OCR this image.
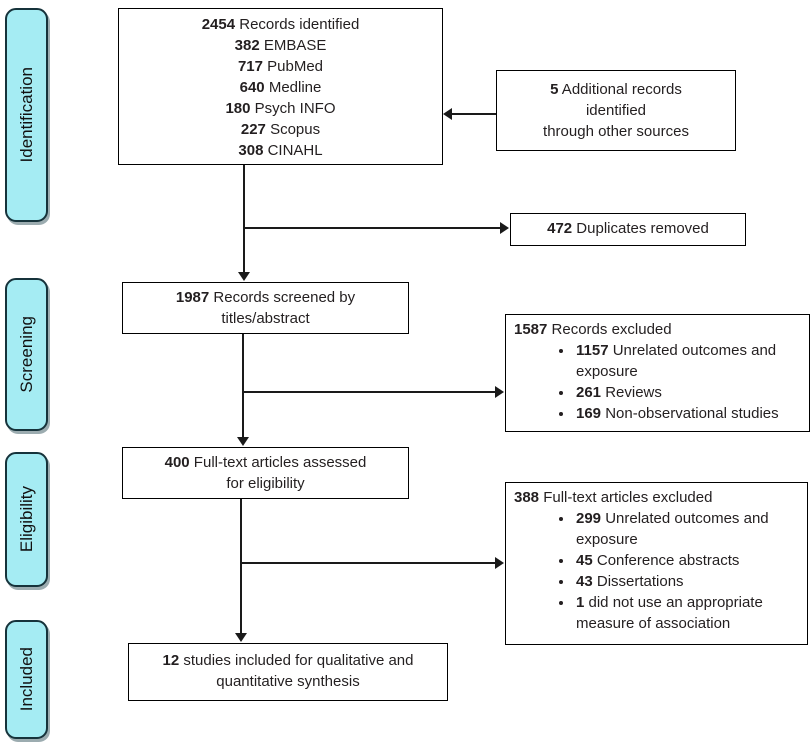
Identification
Screening
Eligibility
Included
2454 Records identified
382 EMBASE
717 PubMed
640 Medline
180 Psych INFO
227 Scopus
308 CINAHL
5 Additional records
identified
through other sources
472 Duplicates removed
1987 Records screened by
titles/abstract
1587 Records excluded
• 1157 Unrelated outcomes and exposure
• 261 Reviews
• 169 Non-observational studies
400 Full-text articles assessed
for eligibility
388 Full-text articles excluded
• 299 Unrelated outcomes and exposure
• 45 Conference abstracts
• 43 Dissertations
• 1 did not use an appropriate measure of association
12 studies included for qualitative and
quantitative synthesis
